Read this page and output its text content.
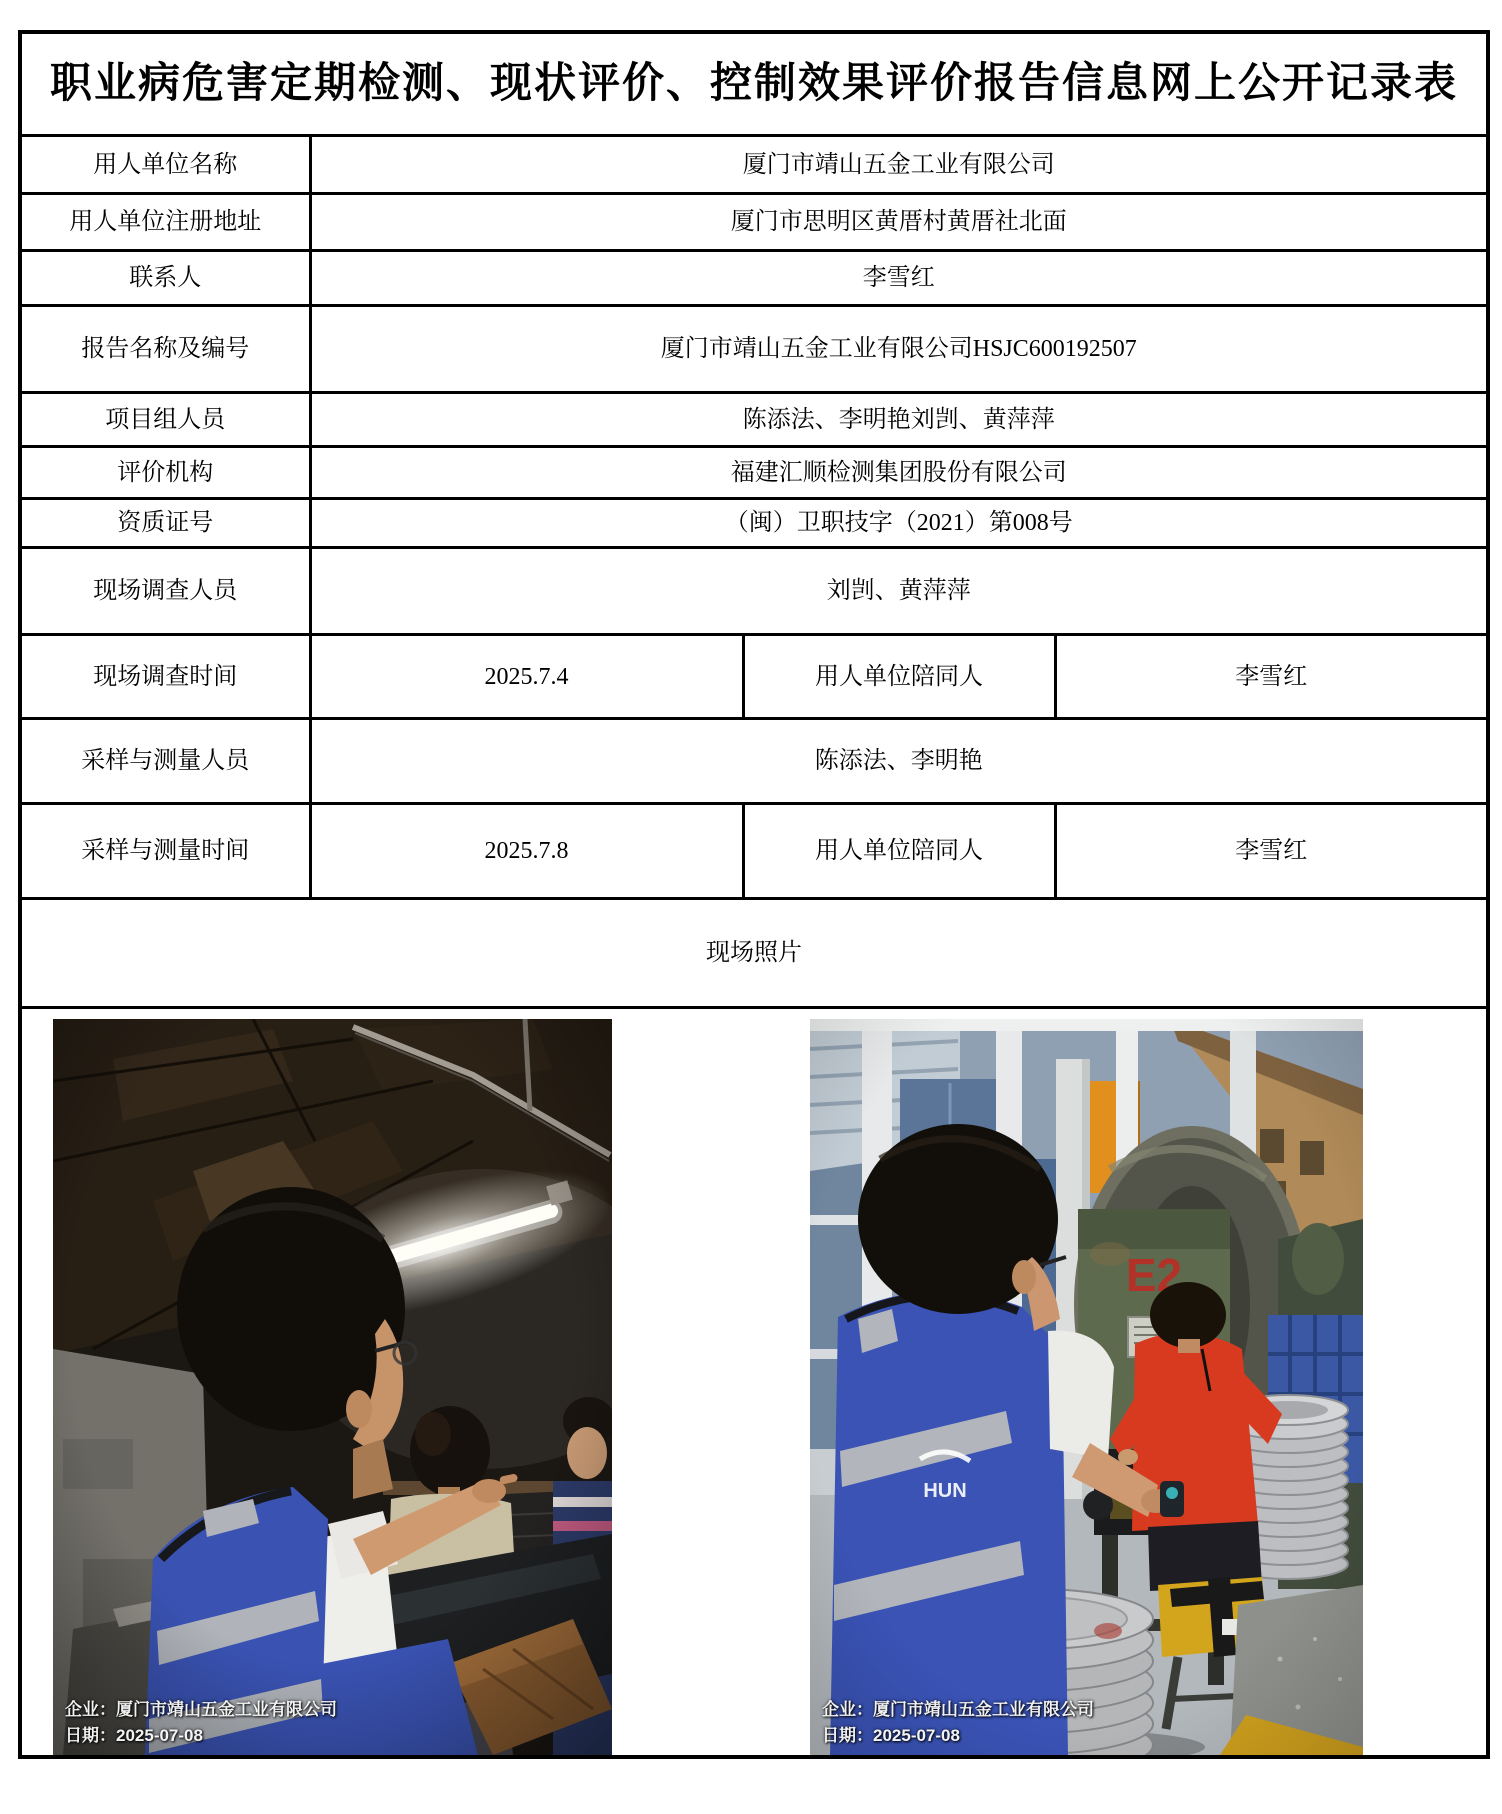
职业病危害定期检测、现状评价、控制效果评价报告信息网上公开记录表			

用人单位名称	厦门市靖山五金工业有限公司		
用人单位注册地址	厦门市思明区黄厝村黄厝社北面		
联系人	李雪红		
报告名称及编号	厦门市靖山五金工业有限公司HSJC600192507		
项目组人员	陈添法、李明艳刘剀、黄萍萍		
评价机构	福建汇顺检测集团股份有限公司		
资质证号	（闽）卫职技字（2021）第008号		
现场调查人员	刘剀、黄萍萍		
现场调查时间	2025.7.4	用人单位陪同人	李雪红
采样与测量人员	陈添法、李明艳		
采样与测量时间	2025.7.8	用人单位陪同人	李雪红
现场照片			

企业：厦门市靖山五金工业有限公司
日期：2025-07-08
企业：厦门市靖山五金工业有限公司
日期：2025-07-08
